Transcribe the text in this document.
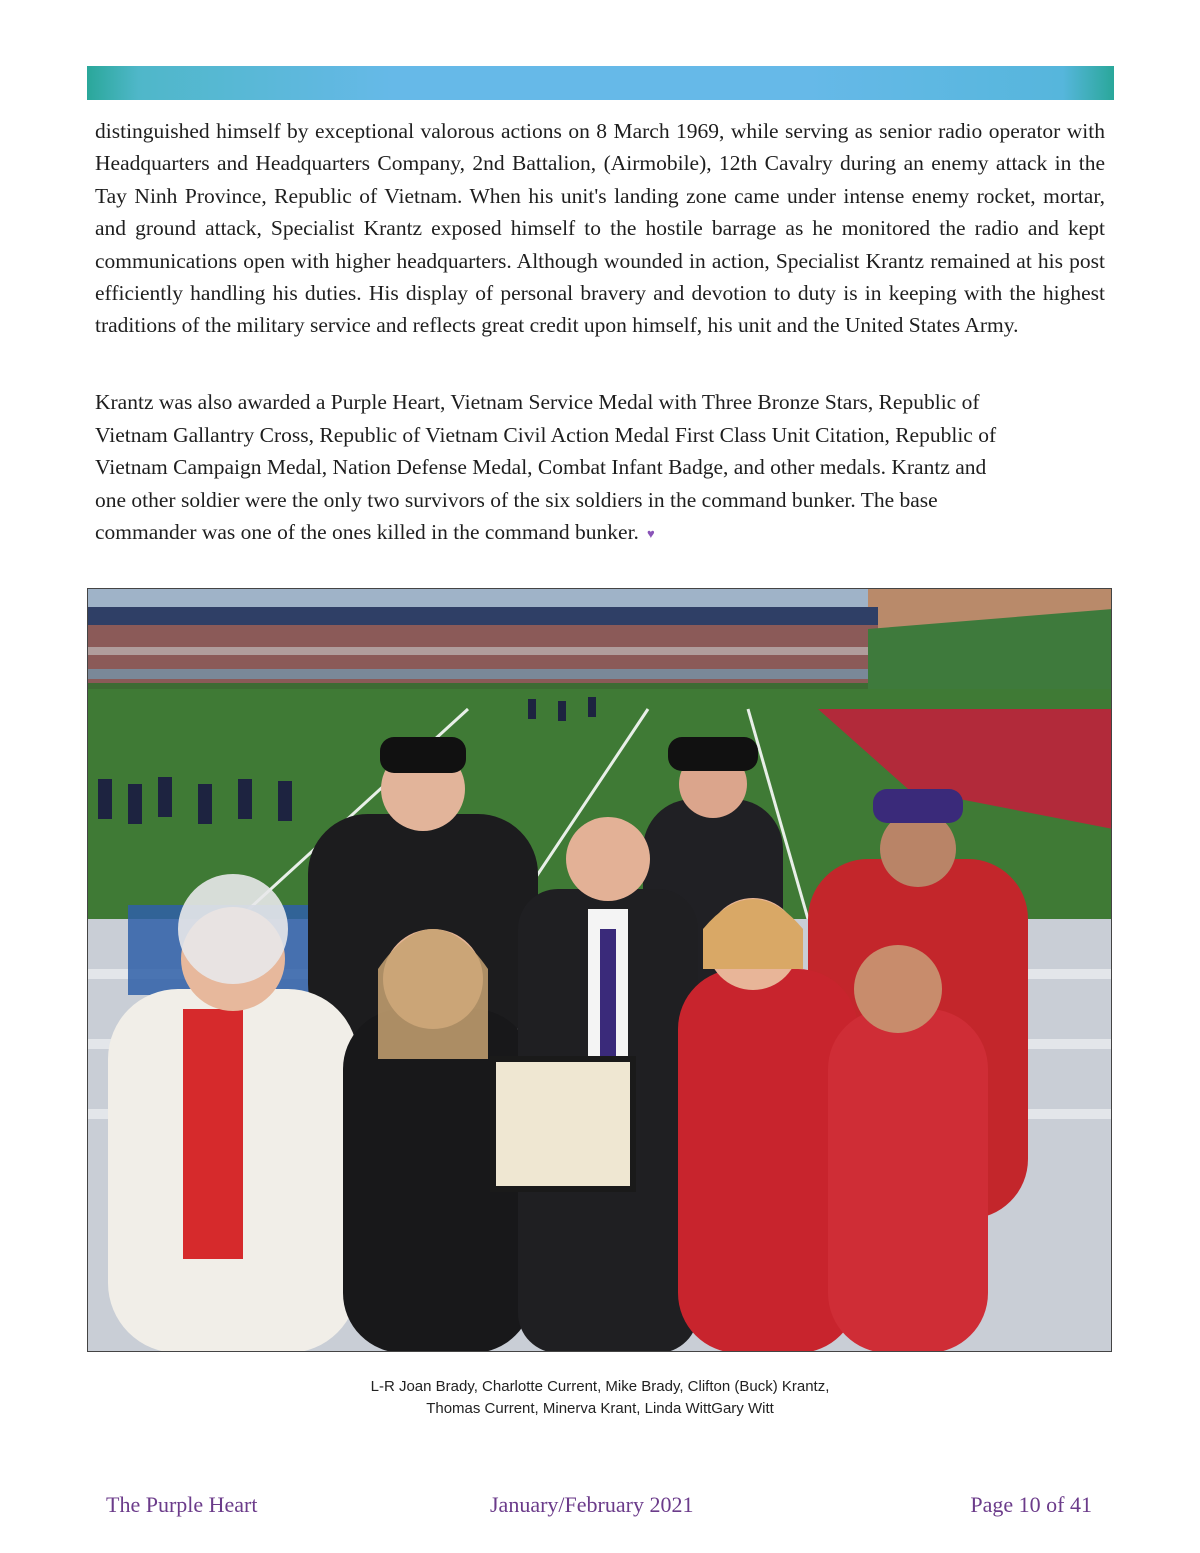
distinguished himself by exceptional valorous actions on 8 March 1969, while serving as senior radio operator with Headquarters and Headquarters Company, 2nd Battalion, (Airmobile), 12th Cavalry during an enemy attack in the Tay Ninh Province, Republic of Vietnam. When his unit's landing zone came under intense enemy rocket, mortar, and ground attack, Specialist Krantz exposed himself to the hostile barrage as he monitored the radio and kept communications open with higher headquarters. Although wounded in action, Specialist Krantz remained at his post efficiently handling his duties. His display of personal bravery and devotion to duty is in keeping with the highest traditions of the military service and reflects great credit upon himself, his unit and the United States Army.

Krantz was also awarded a Purple Heart, Vietnam Service Medal with Three Bronze Stars, Republic of
Vietnam Gallantry Cross, Republic of Vietnam Civil Action Medal First Class Unit Citation, Republic of
Vietnam Campaign Medal, Nation Defense Medal, Combat Infant Badge, and other medals. Krantz and
one other soldier were the only two survivors of the six soldiers in the command bunker. The base
commander was one of the ones killed in the command bunker. ♥

L-R Joan Brady, Charlotte Current, Mike Brady, Clifton (Buck) Krantz,
Thomas Current, Minerva Krant, Linda WittGary Witt
The Purple Heart	January/February 2021	Page 10 of 41
